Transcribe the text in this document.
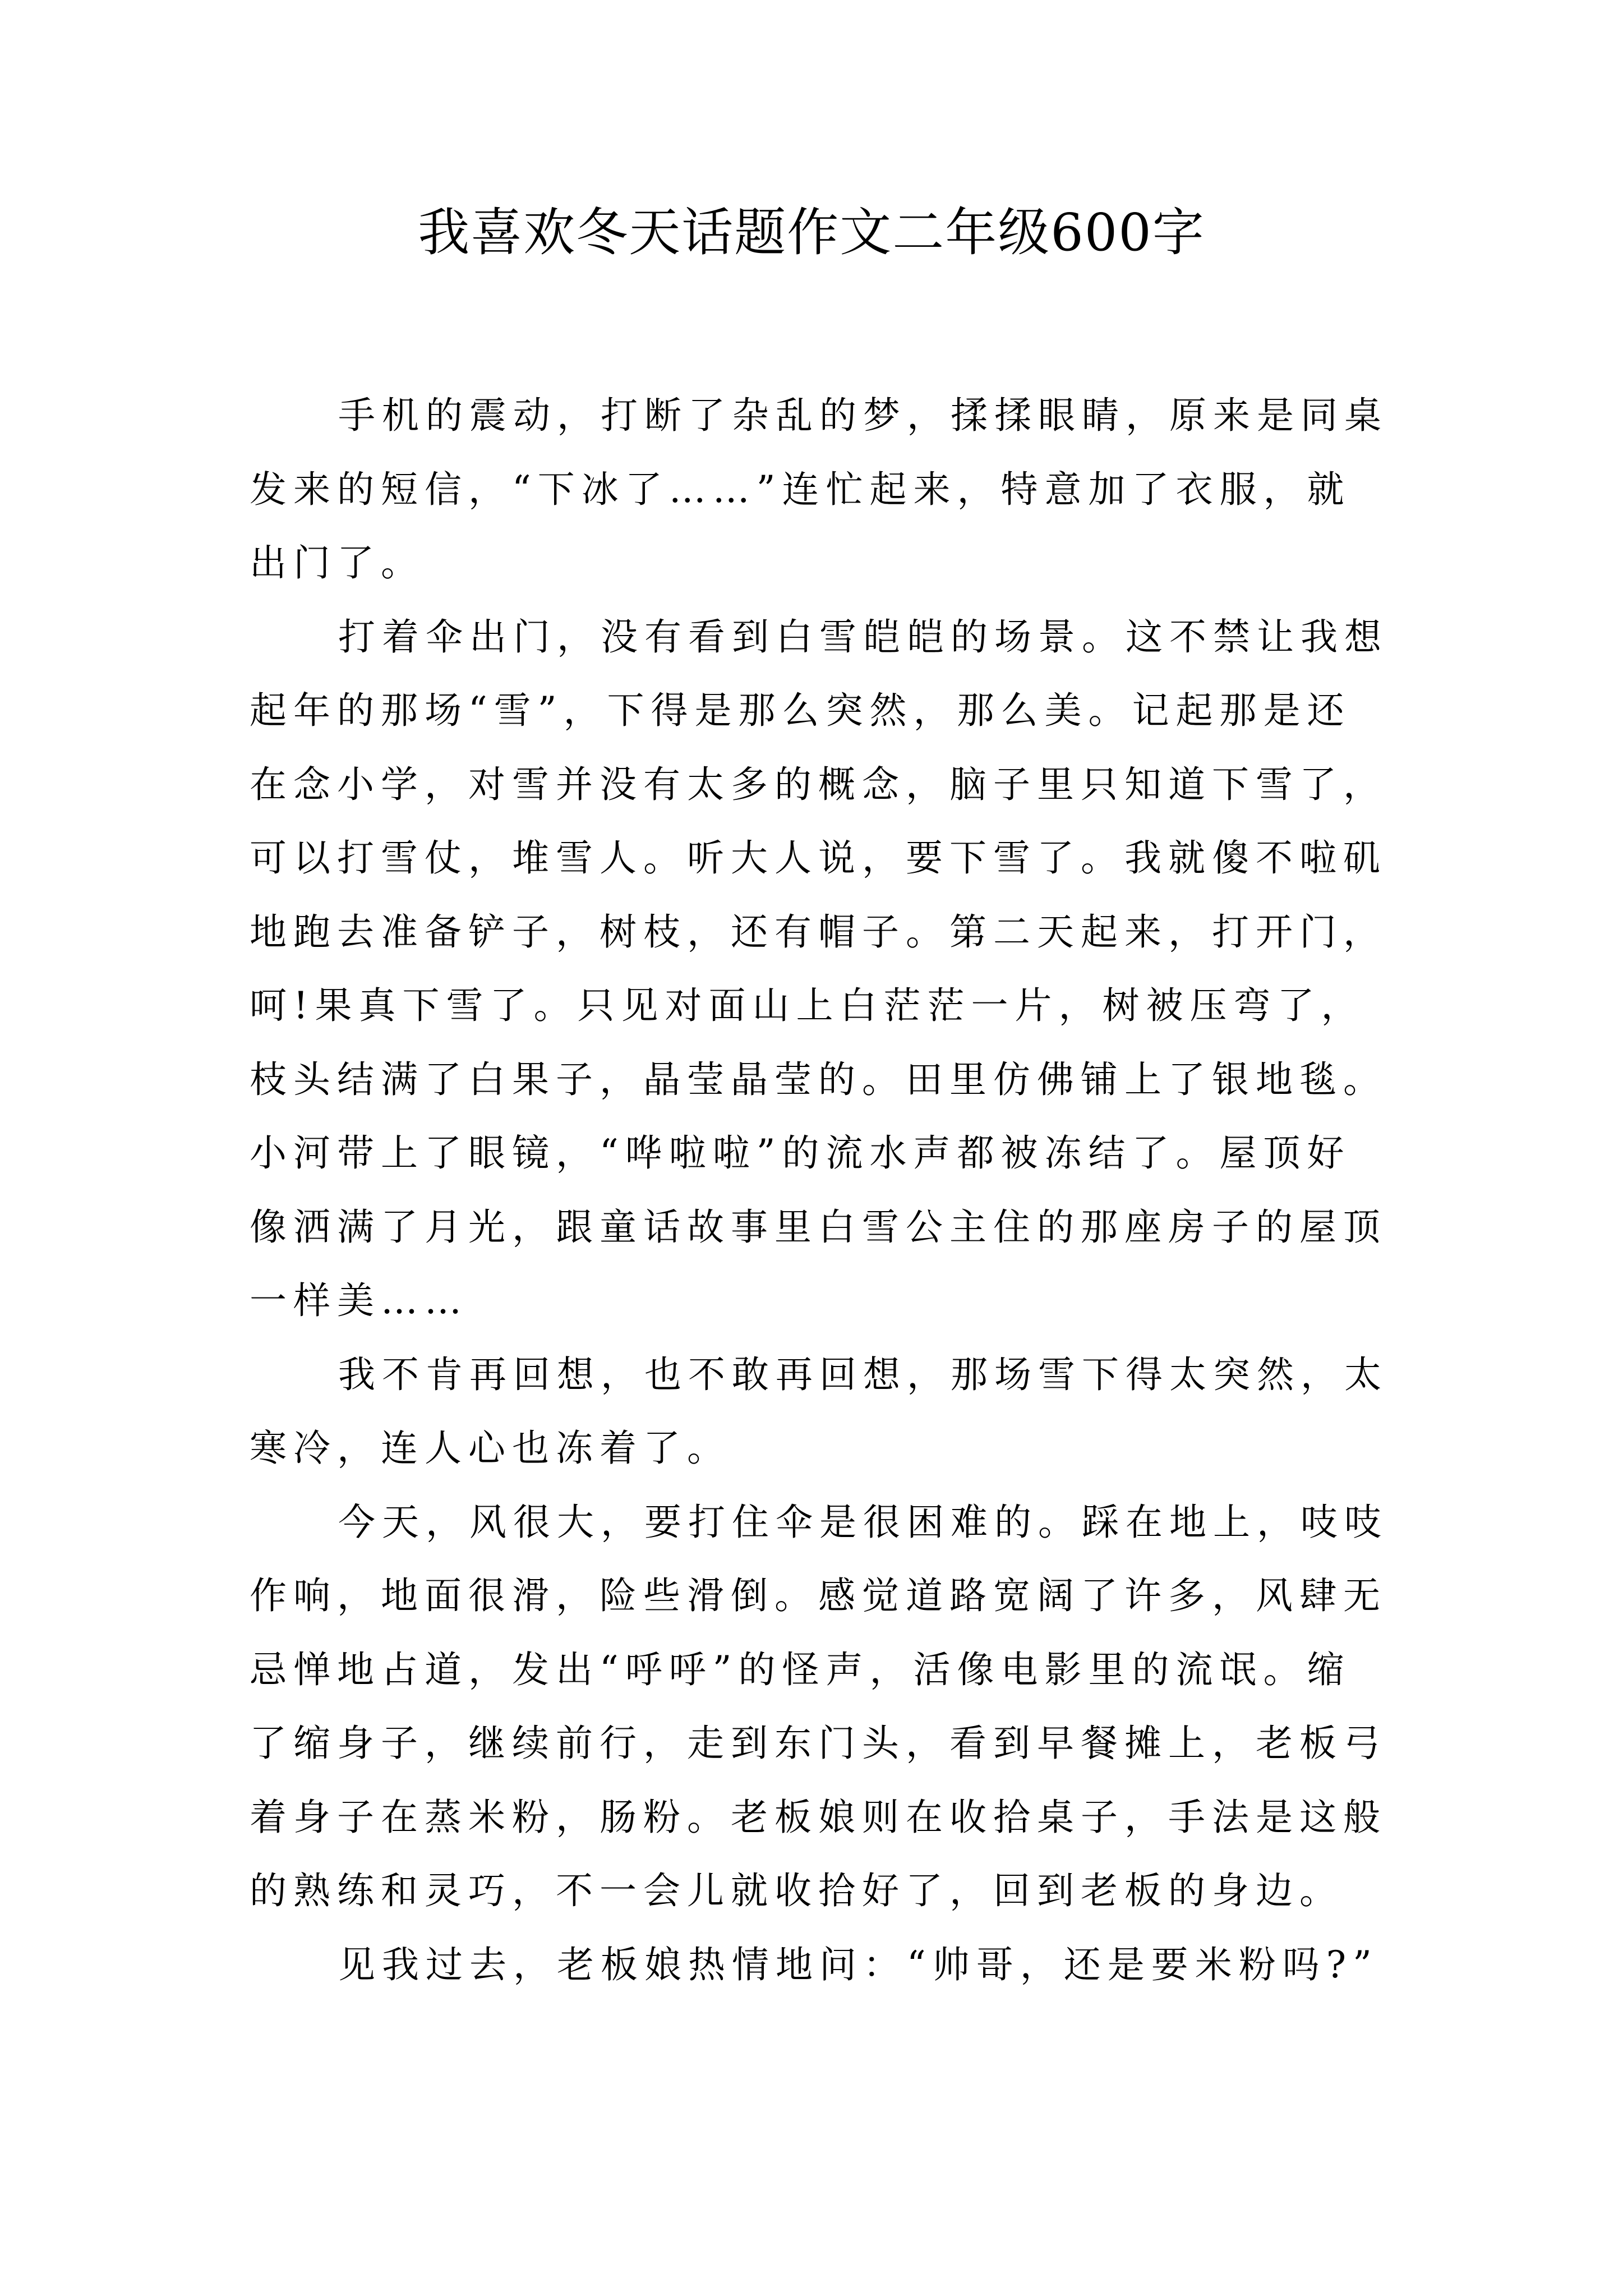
我喜欢冬天话题作文二年级600字
手机的震动，打断了杂乱的梦，揉揉眼睛，原来是同桌
发来的短信，“下冰了……”连忙起来，特意加了衣服，就
出门了。
打着伞出门，没有看到白雪皑皑的场景。这不禁让我想
起年的那场“雪”，下得是那么突然，那么美。记起那是还
在念小学，对雪并没有太多的概念，脑子里只知道下雪了，
可以打雪仗，堆雪人。听大人说，要下雪了。我就傻不啦矶
地跑去准备铲子，树枝，还有帽子。第二天起来，打开门，
呵!果真下雪了。只见对面山上白茫茫一片，树被压弯了，
枝头结满了白果子，晶莹晶莹的。田里仿佛铺上了银地毯。
小河带上了眼镜，“哗啦啦”的流水声都被冻结了。屋顶好
像洒满了月光，跟童话故事里白雪公主住的那座房子的屋顶
一样美……
我不肯再回想，也不敢再回想，那场雪下得太突然，太
寒冷，连人心也冻着了。
今天，风很大，要打住伞是很困难的。踩在地上，吱吱
作响，地面很滑，险些滑倒。感觉道路宽阔了许多，风肆无
忌惮地占道，发出“呼呼”的怪声，活像电影里的流氓。缩
了缩身子，继续前行，走到东门头，看到早餐摊上，老板弓
着身子在蒸米粉，肠粉。老板娘则在收拾桌子，手法是这般
的熟练和灵巧，不一会儿就收拾好了，回到老板的身边。
见我过去，老板娘热情地问：“帅哥，还是要米粉吗?”
